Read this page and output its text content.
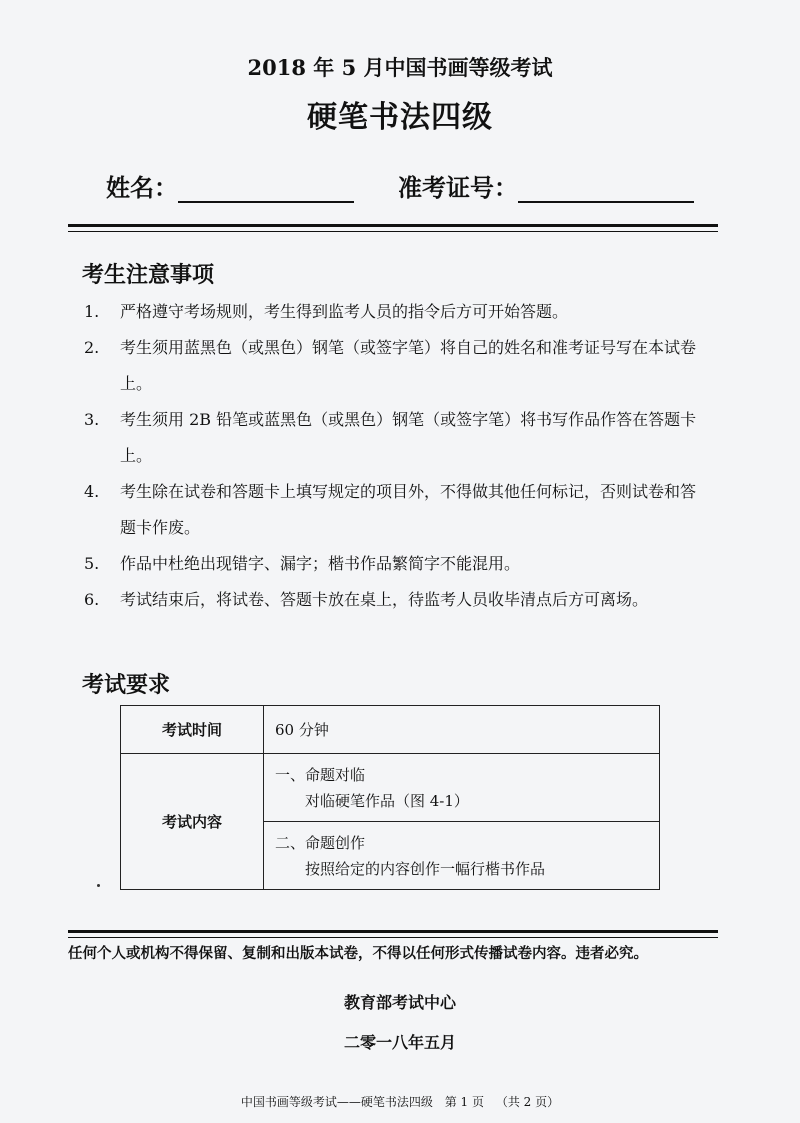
2018 年 5 月中国书画等级考试
硬笔书法四级
姓名：	准考证号：
考生注意事项
1. 严格遵守考场规则，考生得到监考人员的指令后方可开始答题。
2. 考生须用蓝黑色（或黑色）钢笔（或签字笔）将自己的姓名和准考证号写在本试卷上。
3. 考生须用 2B 铅笔或蓝黑色（或黑色）钢笔（或签字笔）将书写作品作答在答题卡上。
4. 考生除在试卷和答题卡上填写规定的项目外，不得做其他任何标记，否则试卷和答题卡作废。
5. 作品中杜绝出现错字、漏字；楷书作品繁简字不能混用。
6. 考试结束后，将试卷、答题卡放在桌上，待监考人员收毕清点后方可离场。
考试要求
考试时间	60 分钟

考试内容	一、命题对临
对临硬笔作品（图 4-1）

	二、命题创作
按照给定的内容创作一幅行楷书作品
任何个人或机构不得保留、复制和出版本试卷，不得以任何形式传播试卷内容。违者必究。
教育部考试中心
二零一八年五月
中国书画等级考试——硬笔书法四级 第 1 页 （共 2 页）
